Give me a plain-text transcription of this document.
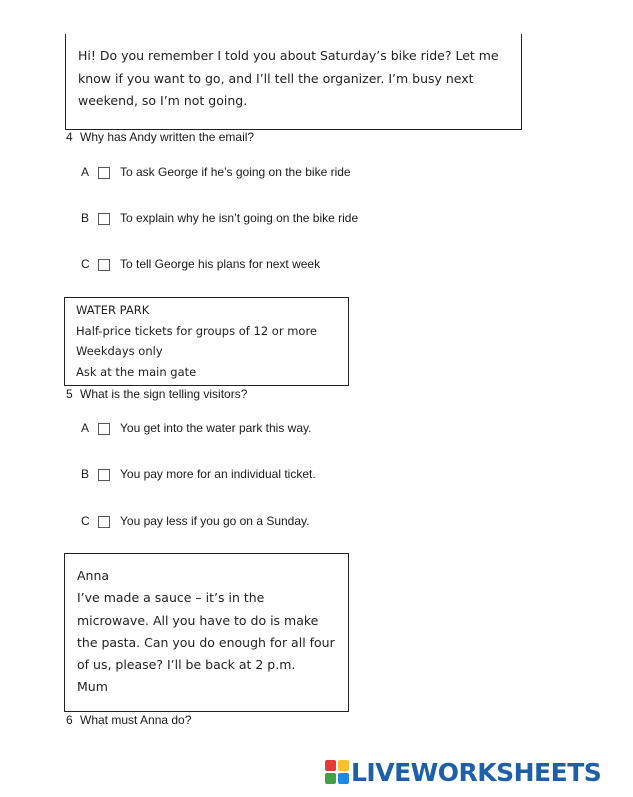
Hi! Do you remember I told you about Saturday’s bike ride? Let me
know if you want to go, and I’ll tell the organizer. I’m busy next
weekend, so I’m not going.
4 Why has Andy written the email?
A	To ask George if he’s going on the bike ride
B	To explain why he isn’t going on the bike ride
C	To tell George his plans for next week
WATER PARK
Half-price tickets for groups of 12 or more
Weekdays only
Ask at the main gate
5 What is the sign telling visitors?
A	You get into the water park this way.
B	You pay more for an individual ticket.
C	You pay less if you go on a Sunday.
Anna
I’ve made a sauce – it’s in the
microwave. All you have to do is make
the pasta. Can you do enough for all four
of us, please? I’ll be back at 2 p.m.
Mum
6 What must Anna do?
LIVEWORKSHEETS
